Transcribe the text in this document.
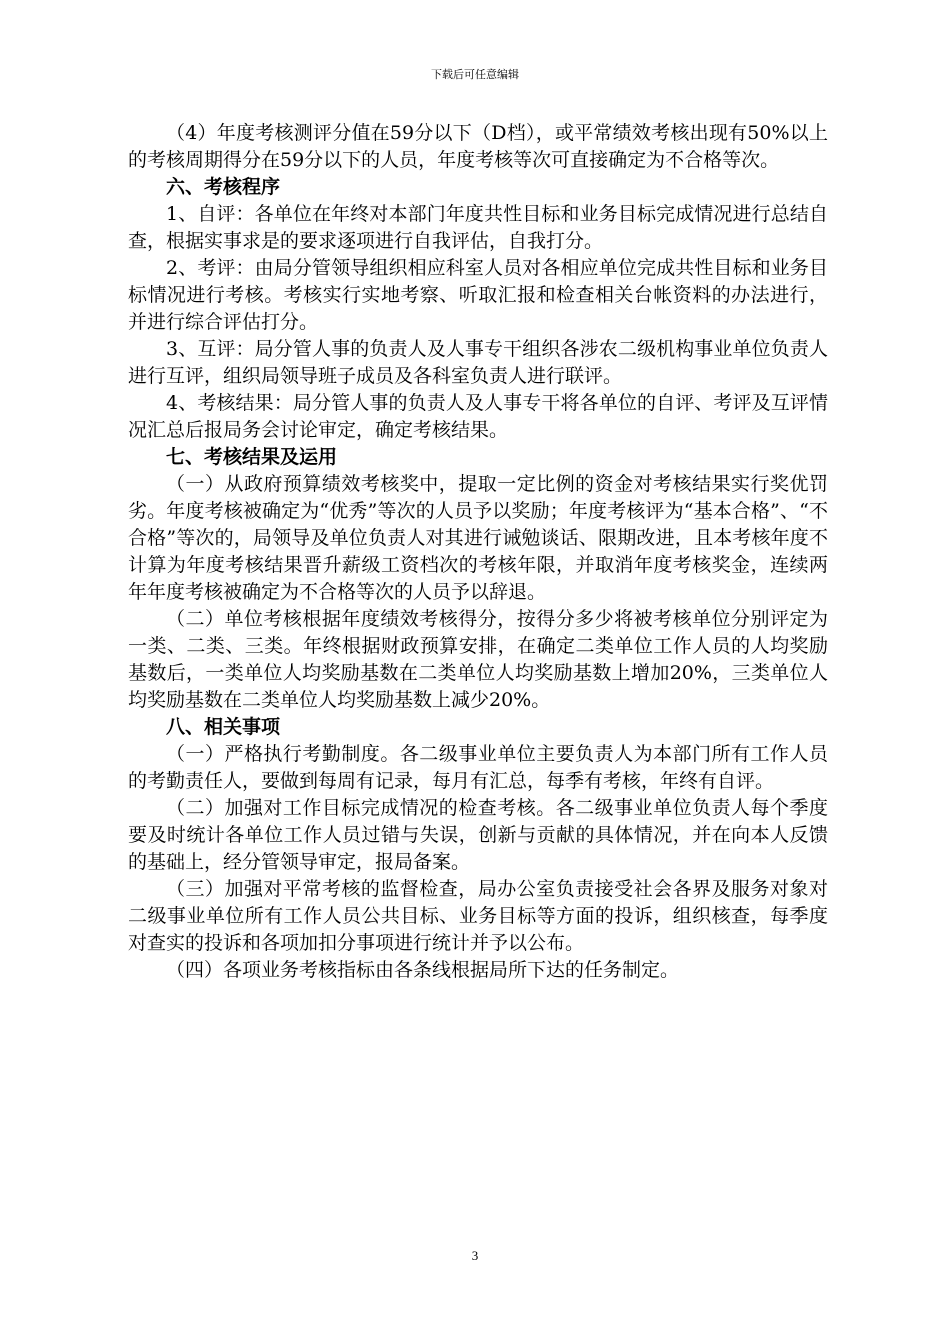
下载后可任意编辑

（4）年度考核测评分值在59分以下（D档），或平常绩效考核出现有50%以上的考核周期得分在59分以下的人员，年度考核等次可直接确定为不合格等次。

六、考核程序

1、自评：各单位在年终对本部门年度共性目标和业务目标完成情况进行总结自查，根据实事求是的要求逐项进行自我评估，自我打分。

2、考评：由局分管领导组织相应科室人员对各相应单位完成共性目标和业务目标情况进行考核。考核实行实地考察、听取汇报和检查相关台帐资料的办法进行，并进行综合评估打分。

3、互评：局分管人事的负责人及人事专干组织各涉农二级机构事业单位负责人进行互评，组织局领导班子成员及各科室负责人进行联评。

4、考核结果：局分管人事的负责人及人事专干将各单位的自评、考评及互评情况汇总后报局务会讨论审定，确定考核结果。

七、考核结果及运用

（一）从政府预算绩效考核奖中，提取一定比例的资金对考核结果实行奖优罚劣。年度考核被确定为“优秀”等次的人员予以奖励；年度考核评为“基本合格”、“不合格”等次的，局领导及单位负责人对其进行诫勉谈话、限期改进，且本考核年度不计算为年度考核结果晋升薪级工资档次的考核年限，并取消年度考核奖金，连续两年年度考核被确定为不合格等次的人员予以辞退。

（二）单位考核根据年度绩效考核得分，按得分多少将被考核单位分别评定为一类、二类、三类。年终根据财政预算安排，在确定二类单位工作人员的人均奖励基数后，一类单位人均奖励基数在二类单位人均奖励基数上增加20%，三类单位人均奖励基数在二类单位人均奖励基数上减少20%。

八、相关事项

（一）严格执行考勤制度。各二级事业单位主要负责人为本部门所有工作人员的考勤责任人，要做到每周有记录，每月有汇总，每季有考核，年终有自评。

（二）加强对工作目标完成情况的检查考核。各二级事业单位负责人每个季度要及时统计各单位工作人员过错与失误，创新与贡献的具体情况，并在向本人反馈的基础上，经分管领导审定，报局备案。

（三）加强对平常考核的监督检查，局办公室负责接受社会各界及服务对象对二级事业单位所有工作人员公共目标、业务目标等方面的投诉，组织核查，每季度对查实的投诉和各项加扣分事项进行统计并予以公布。

（四）各项业务考核指标由各条线根据局所下达的任务制定。

3
